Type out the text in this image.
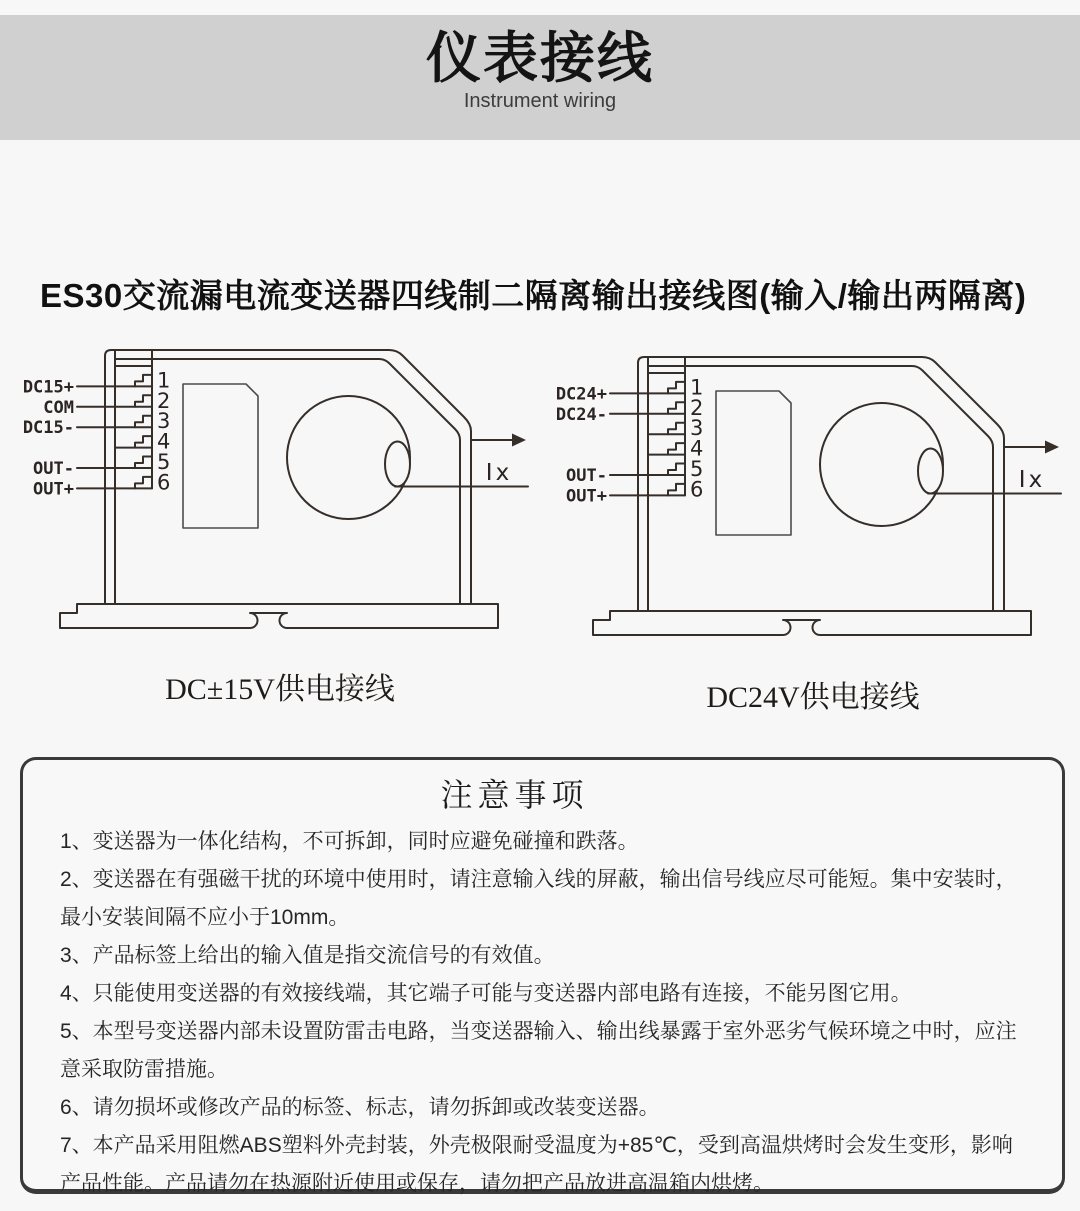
仪表接线
Instrument wiring
ES30交流漏电流变送器四线制二隔离输出接线图(输入/输出两隔离)
DC15+
COM
DC15-
OUT-
OUT+
1
2
3
4
5
6	Ix
DC24+
DC24-
OUT-
OUT+
1
2
3
4
5
6	Ix
DC±15V供电接线	DC24V供电接线
注意事项
1、变送器为一体化结构，不可拆卸，同时应避免碰撞和跌落。
2、变送器在有强磁干扰的环境中使用时，请注意输入线的屏蔽，输出信号线应尽可能短。集中安装时，最小安装间隔不应小于10mm。
3、产品标签上给出的输入值是指交流信号的有效值。
4、只能使用变送器的有效接线端，其它端子可能与变送器内部电路有连接，不能另图它用。
5、本型号变送器内部未设置防雷击电路，当变送器输入、输出线暴露于室外恶劣气候环境之中时，应注意采取防雷措施。
6、请勿损坏或修改产品的标签、标志，请勿拆卸或改装变送器。
7、本产品采用阻燃ABS塑料外壳封装，外壳极限耐受温度为+85℃，受到高温烘烤时会发生变形，影响产品性能。产品请勿在热源附近使用或保存，请勿把产品放进高温箱内烘烤。
